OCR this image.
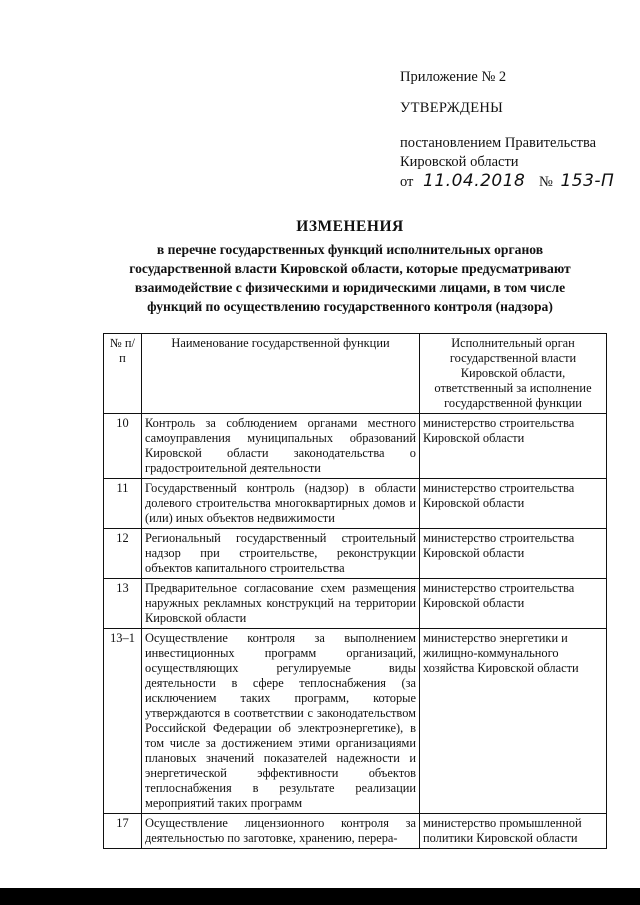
Приложение № 2
УТВЕРЖДЕНЫ
постановлением Правительства
Кировской области
от 11.04.2018 № 153-П
ИЗМЕНЕНИЯ
в перечне государственных функций исполнительных органов
государственной власти Кировской области, которые предусматривают
взаимодействие с физическими и юридическими лицами, в том числе
функций по осуществлению государственного контроля (надзора)
№ п/п	Наименование государственной функции	Исполнительный орган государственной власти Кировской области, ответственный за исполнение государственной функции
10	Контроль за соблюдением органами местного самоуправления муниципальных образований Кировской области законодательства о градостроительной деятельности	министерство строительства Кировской области
11	Государственный контроль (надзор) в области долевого строительства многоквартирных домов и (или) иных объектов недвижимости	министерство строительства Кировской области
12	Региональный государственный строительный надзор при строительстве, реконструкции объектов капитального строительства	министерство строительства Кировской области
13	Предварительное согласование схем размещения наружных рекламных конструкций на территории Кировской области	министерство строительства Кировской области
13–1	Осуществление контроля за выполнением инвестиционных программ организаций, осуществляющих регулируемые виды деятельности в сфере теплоснабжения (за исключением таких программ, которые утверждаются в соответствии с законодательством Российской Федерации об электроэнергетике), в том числе за достижением этими организациями плановых значений показателей надежности и энергетической эффективности объектов теплоснабжения в результате реализации мероприятий таких программ	министерство энергетики и жилищно-коммунального хозяйства Кировской области
17	Осуществление лицензионного контроля за деятельностью по заготовке, хранению, перера-	министерство промышленной политики Кировской области
